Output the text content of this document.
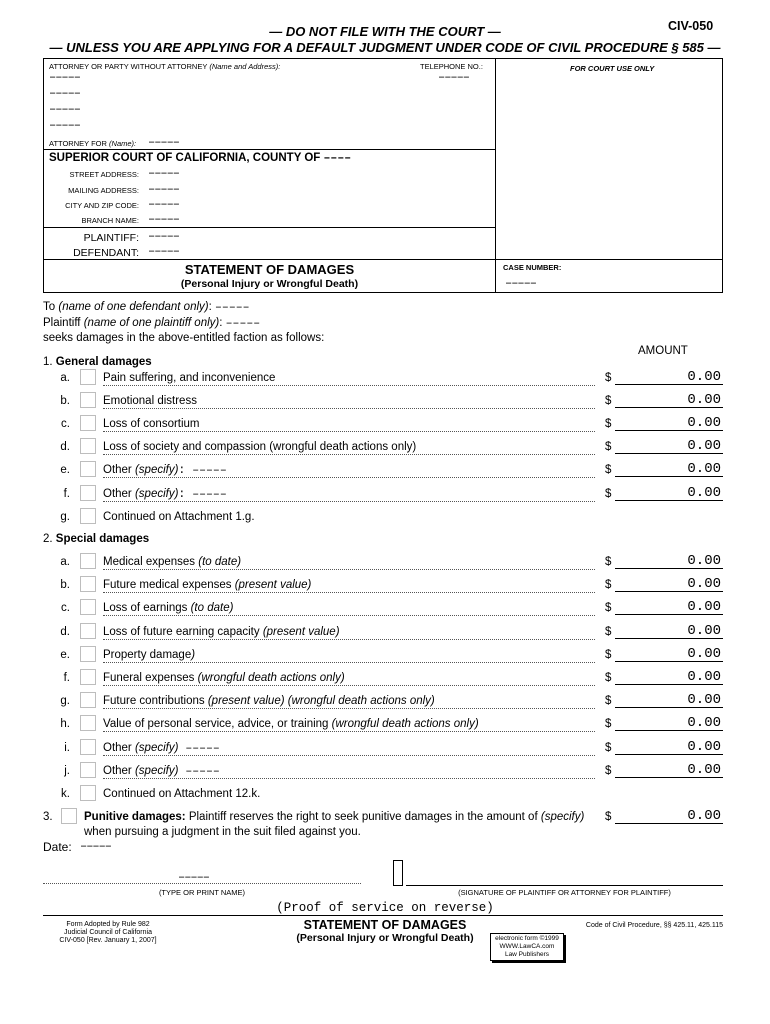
— DO NOT FILE WITH THE COURT —	CIV-050
— UNLESS YOU ARE APPLYING FOR A DEFAULT JUDGMENT UNDER CODE OF CIVIL PROCEDURE § 585 —
ATTORNEY OR PARTY WITHOUT ATTORNEY (Name and Address):	TELEPHONE NO.:	FOR COURT USE ONLY
–––––	–––––
–––––
–––––
–––––
ATTORNEY FOR (Name): –––––
SUPERIOR COURT OF CALIFORNIA, COUNTY OF ––––
STREET ADDRESS: –––––
MAILING ADDRESS: –––––
CITY AND ZIP CODE: –––––
BRANCH NAME: –––––
PLAINTIFF: –––––
DEFENDANT: –––––
STATEMENT OF DAMAGES
(Personal Injury or Wrongful Death)
CASE NUMBER:
–––––
To (name of one defendant only): –––––
Plaintiff (name of one plaintiff only): –––––
seeks damages in the above-entitled faction as follows:
AMOUNT
1. General damages
a.	Pain suffering, and inconvenience	$	0.00
b.	Emotional distress	$	0.00
c.	Loss of consortium	$	0.00
d.	Loss of society and compassion (wrongful death actions only)	$	0.00
e.	Other (specify): –––––	$	0.00
f.	Other (specify): –––––	$	0.00
g.	Continued on Attachment 1.g.
2. Special damages
a.	Medical expenses (to date)	$	0.00
b.	Future medical expenses (present value)	$	0.00
c.	Loss of earnings (to date)	$	0.00
d.	Loss of future earning capacity (present value)	$	0.00
e.	Property damage)	$	0.00
f.	Funeral expenses (wrongful death actions only)	$	0.00
g.	Future contributions (present value) (wrongful death actions only)	$	0.00
h.	Value of personal service, advice, or training (wrongful death actions only)	$	0.00
i.	Other (specify) –––––	$	0.00
j.	Other (specify) –––––	$	0.00
k.	Continued on Attachment 12.k.
3.	Punitive damages: Plaintiff reserves the right to seek punitive damages in the amount of (specify)
when pursuing a judgment in the suit filed against you.
$	0.00
Date: –––––
–––––
(TYPE OR PRINT NAME)	(SIGNATURE OF PLAINTIFF OR ATTORNEY FOR PLAINTIFF)
(Proof of service on reverse)
Form Adopted by Rule 982
Judicial Council of California
CIV-050 [Rev. January 1, 2007]
STATEMENT OF DAMAGES
(Personal Injury or Wrongful Death)	electronic form ©1999
WWW.LawCA.com
Law Publishers
Code of Civil Procedure, §§ 425.11, 425.115
